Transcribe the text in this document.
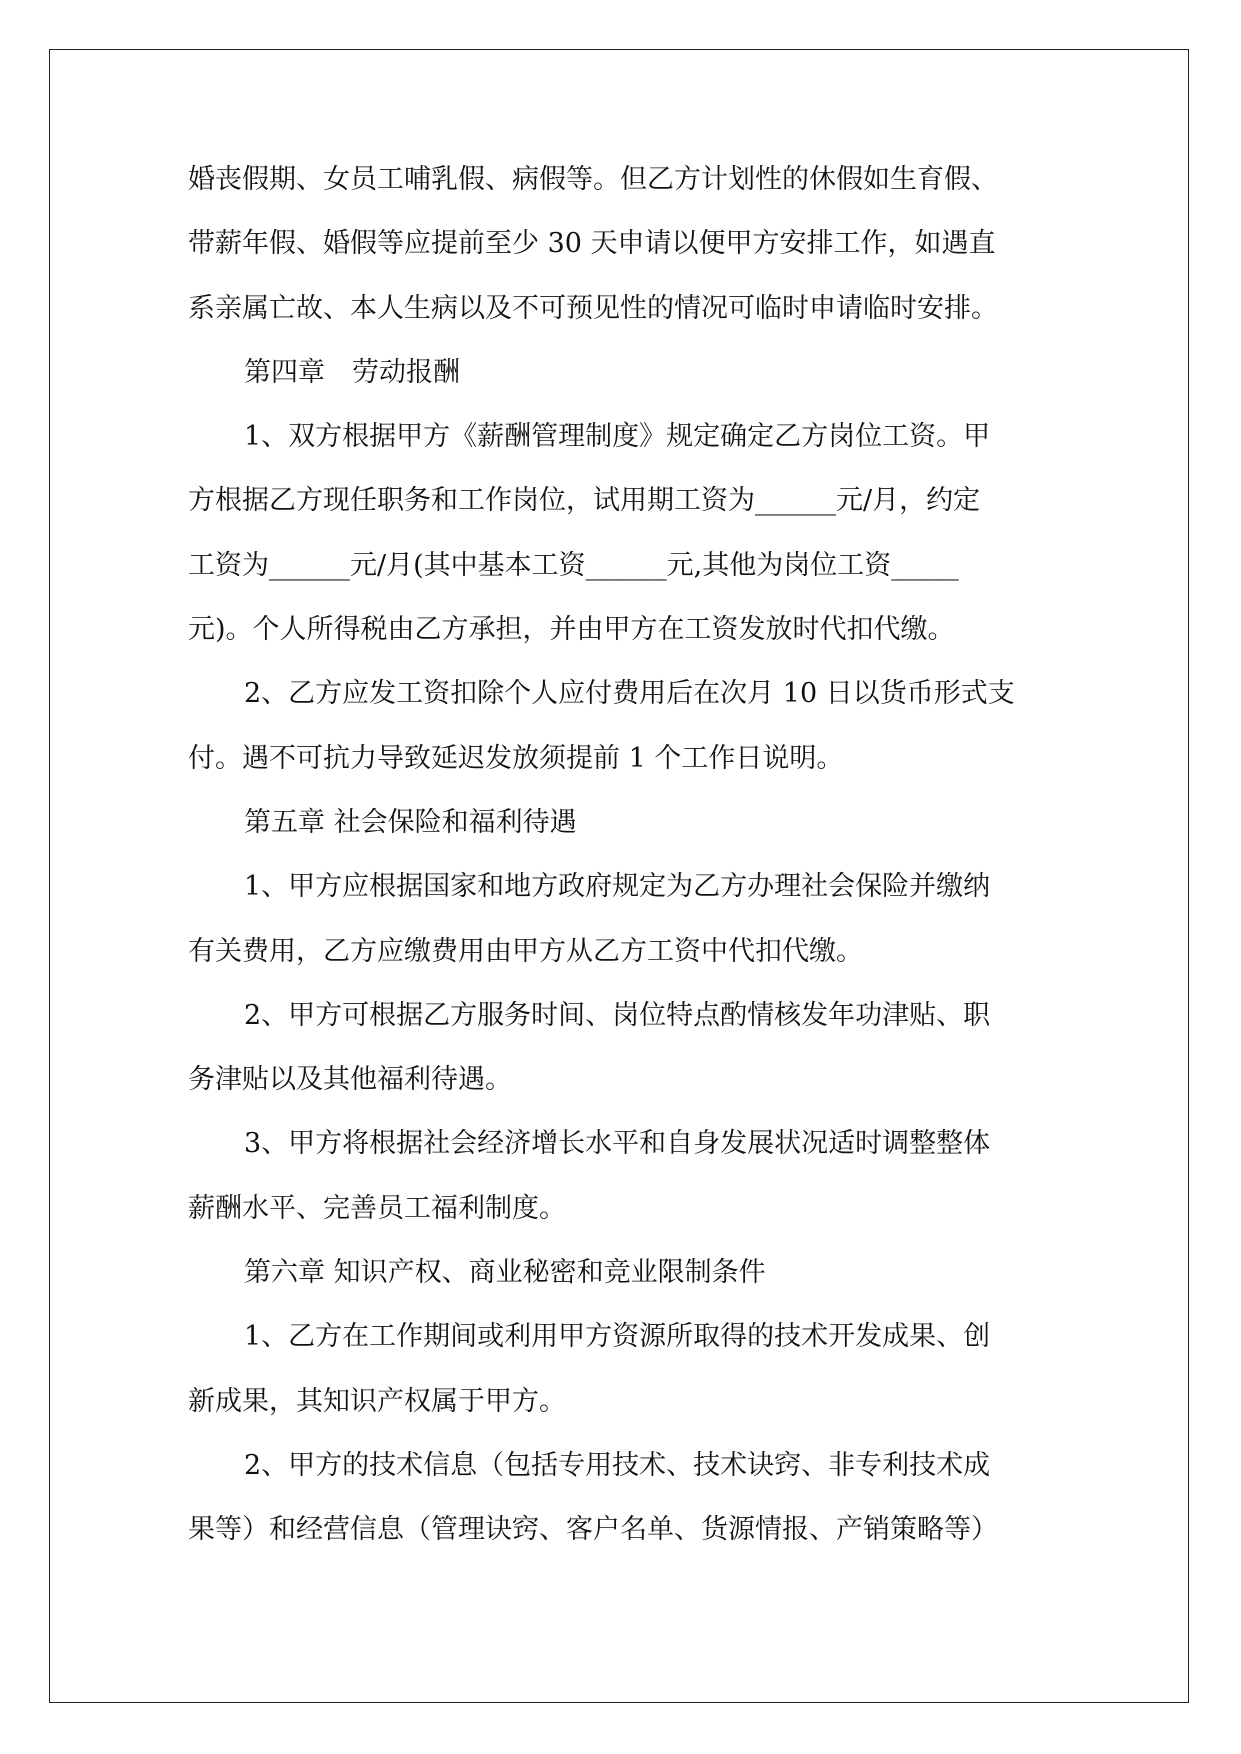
婚丧假期、女员工哺乳假、病假等。但乙方计划性的休假如生育假、
带薪年假、婚假等应提前至少 30 天申请以便甲方安排工作，如遇直
系亲属亡故、本人生病以及不可预见性的情况可临时申请临时安排。
第四章　劳动报酬
1、双方根据甲方《薪酬管理制度》规定确定乙方岗位工资。甲
方根据乙方现任职务和工作岗位，试用期工资为______元/月，约定
工资为______元/月(其中基本工资______元,其他为岗位工资_____
元)。个人所得税由乙方承担，并由甲方在工资发放时代扣代缴。
2、乙方应发工资扣除个人应付费用后在次月 10 日以货币形式支
付。遇不可抗力导致延迟发放须提前 1 个工作日说明。
第五章 社会保险和福利待遇
1、甲方应根据国家和地方政府规定为乙方办理社会保险并缴纳
有关费用，乙方应缴费用由甲方从乙方工资中代扣代缴。
2、甲方可根据乙方服务时间、岗位特点酌情核发年功津贴、职
务津贴以及其他福利待遇。
3、甲方将根据社会经济增长水平和自身发展状况适时调整整体
薪酬水平、完善员工福利制度。
第六章 知识产权、商业秘密和竞业限制条件
1、乙方在工作期间或利用甲方资源所取得的技术开发成果、创
新成果，其知识产权属于甲方。
2、甲方的技术信息（包括专用技术、技术诀窍、非专利技术成
果等）和经营信息（管理诀窍、客户名单、货源情报、产销策略等）
